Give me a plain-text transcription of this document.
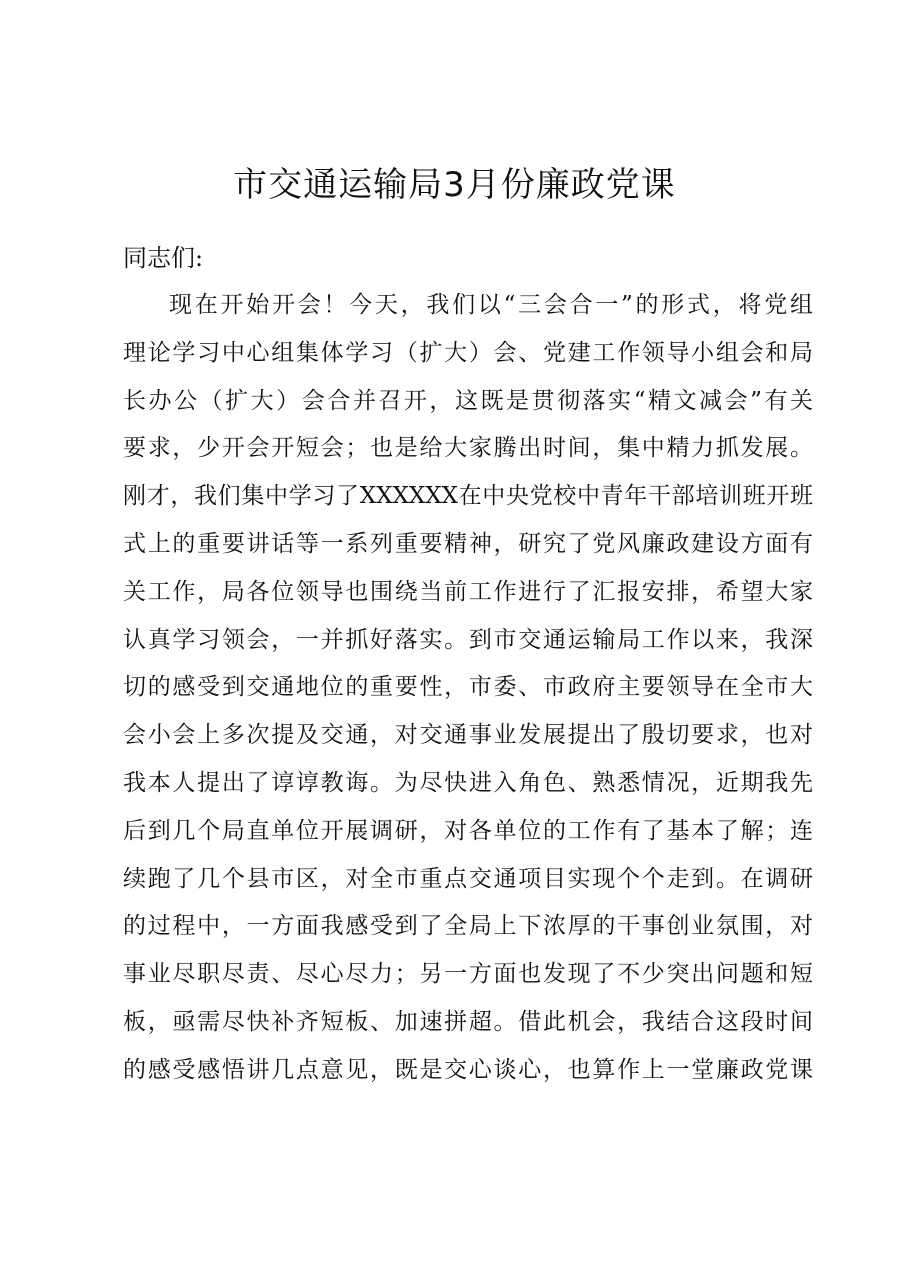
市交通运输局3月份廉政党课

同志们:

现在开始开会！今天，我们以“三会合一”的形式，将党组
理论学习中心组集体学习（扩大）会、党建工作领导小组会和局
长办公（扩大）会合并召开，这既是贯彻落实“精文减会”有关
要求，少开会开短会；也是给大家腾出时间，集中精力抓发展。
刚才，我们集中学习了XXXXXX在中央党校中青年干部培训班开班
式上的重要讲话等一系列重要精神，研究了党风廉政建设方面有
关工作，局各位领导也围绕当前工作进行了汇报安排，希望大家
认真学习领会，一并抓好落实。到市交通运输局工作以来，我深
切的感受到交通地位的重要性，市委、市政府主要领导在全市大
会小会上多次提及交通，对交通事业发展提出了殷切要求，也对
我本人提出了谆谆教诲。为尽快进入角色、熟悉情况，近期我先
后到几个局直单位开展调研，对各单位的工作有了基本了解；连
续跑了几个县市区，对全市重点交通项目实现个个走到。在调研
的过程中，一方面我感受到了全局上下浓厚的干事创业氛围，对
事业尽职尽责、尽心尽力；另一方面也发现了不少突出问题和短
板，亟需尽快补齐短板、加速拼超。借此机会，我结合这段时间
的感受感悟讲几点意见，既是交心谈心，也算作上一堂廉政党课
